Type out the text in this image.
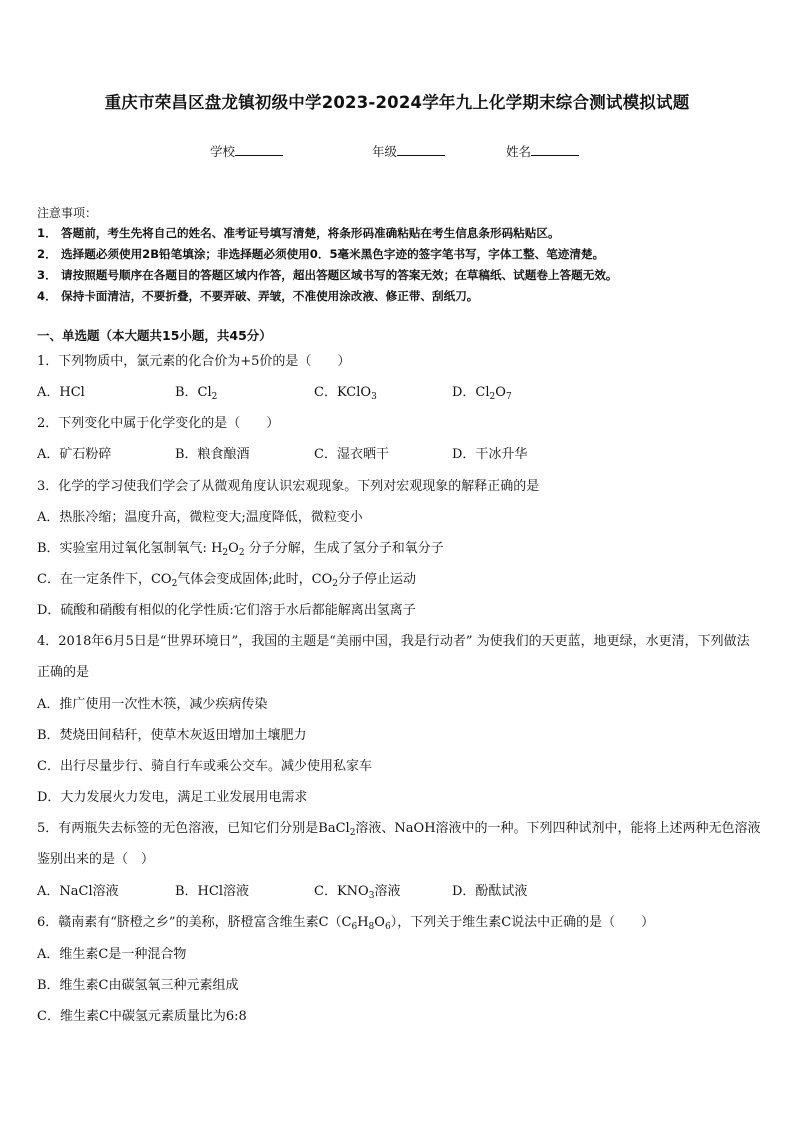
重庆市荣昌区盘龙镇初级中学2023-2024学年九上化学期末综合测试模拟试题
学校	年级	姓名
注意事项：
1． 答题前，考生先将自己的姓名、准考证号填写清楚，将条形码准确粘贴在考生信息条形码粘贴区。
2． 选择题必须使用2B铅笔填涂；非选择题必须使用0．5毫米黑色字迹的签字笔书写，字体工整、笔迹清楚。
3． 请按照题号顺序在各题目的答题区域内作答，超出答题区域书写的答案无效；在草稿纸、试题卷上答题无效。
4． 保持卡面清洁，不要折叠，不要弄破、弄皱，不准使用涂改液、修正带、刮纸刀。
一、单选题（本大题共15小题，共45分）
1．下列物质中，氯元素的化合价为+5价的是（　　）
A．HCl	B．$Cl_2$	C．KClO$_3$	D．$Cl_2O_7$
2．下列变化中属于化学变化的是（　　）
A．矿石粉碎	B．粮食酿酒	C．湿衣晒干	D．干冰升华
3．化学的学习使我们学会了从微观角度认识宏观现象。下列对宏观现象的解释正确的是
A．热胀冷缩；温度升高，微粒变大;温度降低，微粒变小
B．实验室用过氧化氢制氧气: $H_2O_2$ 分子分解，生成了氢分子和氧分子
C．在一定条件下，$CO_2$气体会变成固体;此时，$CO_2$分子停止运动
D．硫酸和硝酸有相似的化学性质:它们溶于水后都能解离出氢离子
4．2018年6月5日是“世界环境日”，我国的主题是“美丽中国，我是行动者” 为使我们的天更蓝，地更绿，水更清，下列做法正确的是
A．推广使用一次性木筷，减少疾病传染
B．焚烧田间秸秆，使草木灰返田增加土壤肥力
C．出行尽量步行、骑自行车或乘公交车。减少使用私家车
D．大力发展火力发电，满足工业发展用电需求
5．有两瓶失去标签的无色溶液，已知它们分别是BaCl$_2$溶液、NaOH溶液中的一种。下列四种试剂中，能将上述两种无色溶液鉴别出来的是（　）
A．NaCl溶液	B．HCl溶液	C．$KNO_3$溶液	D．酚酞试液
6．赣南素有“脐橙之乡”的美称，脐橙富含维生素$C(C_6H_8O_6)$，下列关于维生素C说法中正确的是（　　）
A．维生素C是一种混合物
B．维生素C由碳氢氧三种元素组成
C．维生素C中碳氢元素质量比为6:8
